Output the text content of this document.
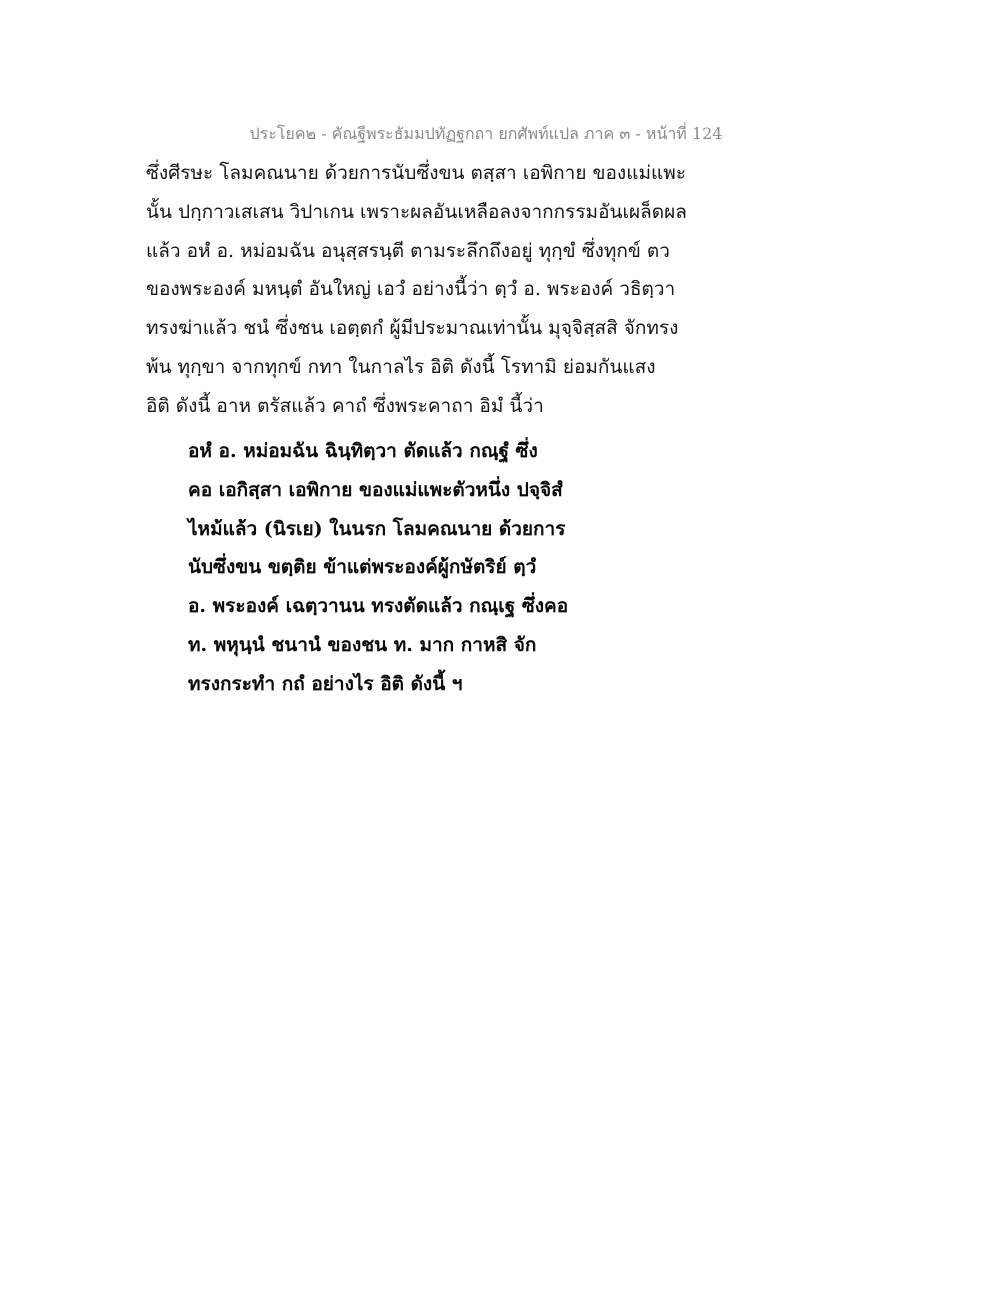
ประโยค๒ - คัณฐีพระธัมมปทัฏฐกถา ยกศัพท์แปล ภาค ๓ - หน้าที่ 124
ซึ่งศีรษะ โลมคณนาย ด้วยการนับซึ่งขน ตสฺสา เอพิกาย ของแม่แพะ
นั้น ปกฺกาวเสเสน วิปาเกน เพราะผลอันเหลือลงจากกรรมอันเผล็ดผล
แล้ว อหํ อ. หม่อมฉัน อนุสฺสรนฺตี ตามระลึกถึงอยู่ ทุกฺขํ ซึ่งทุกข์ ตว
ของพระองค์ มหนฺตํ อันใหญ่ เอวํ อย่างนี้ว่า ตฺวํ อ. พระองค์ วธิตฺวา
ทรงฆ่าแล้ว ชนํ ซึ่งชน เอตฺตกํ ผู้มีประมาณเท่านั้น มุจฺจิสฺสสิ จักทรง
พ้น ทุกฺขา จากทุกข์ กทา ในกาลไร อิติ ดังนี้ โรทามิ ย่อมกันแสง
อิติ ดังนี้ อาห ตรัสแล้ว คาถํ ซึ่งพระคาถา อิมํ นี้ว่า
อหํ อ. หม่อมฉัน ฉินฺทิตฺวา ตัดแล้ว กณฺฐํ ซึ่ง
คอ เอกิสฺสา เอพิกาย ของแม่แพะตัวหนึ่ง ปจฺจิสํ
ไหม้แล้ว (นิรเย) ในนรก โลมคณนาย ด้วยการ
นับซึ่งขน ขตฺติย ข้าแต่พระองค์ผู้กษัตริย์ ตฺวํ
อ. พระองค์ เฉตฺวานน ทรงตัดแล้ว กณฺเฐ ซึ่งคอ
ท. พหุนฺนํ ชนานํ ของชน ท. มาก กาหสิ จัก
ทรงกระทำ กถํ อย่างไร อิติ ดังนี้ ฯ
